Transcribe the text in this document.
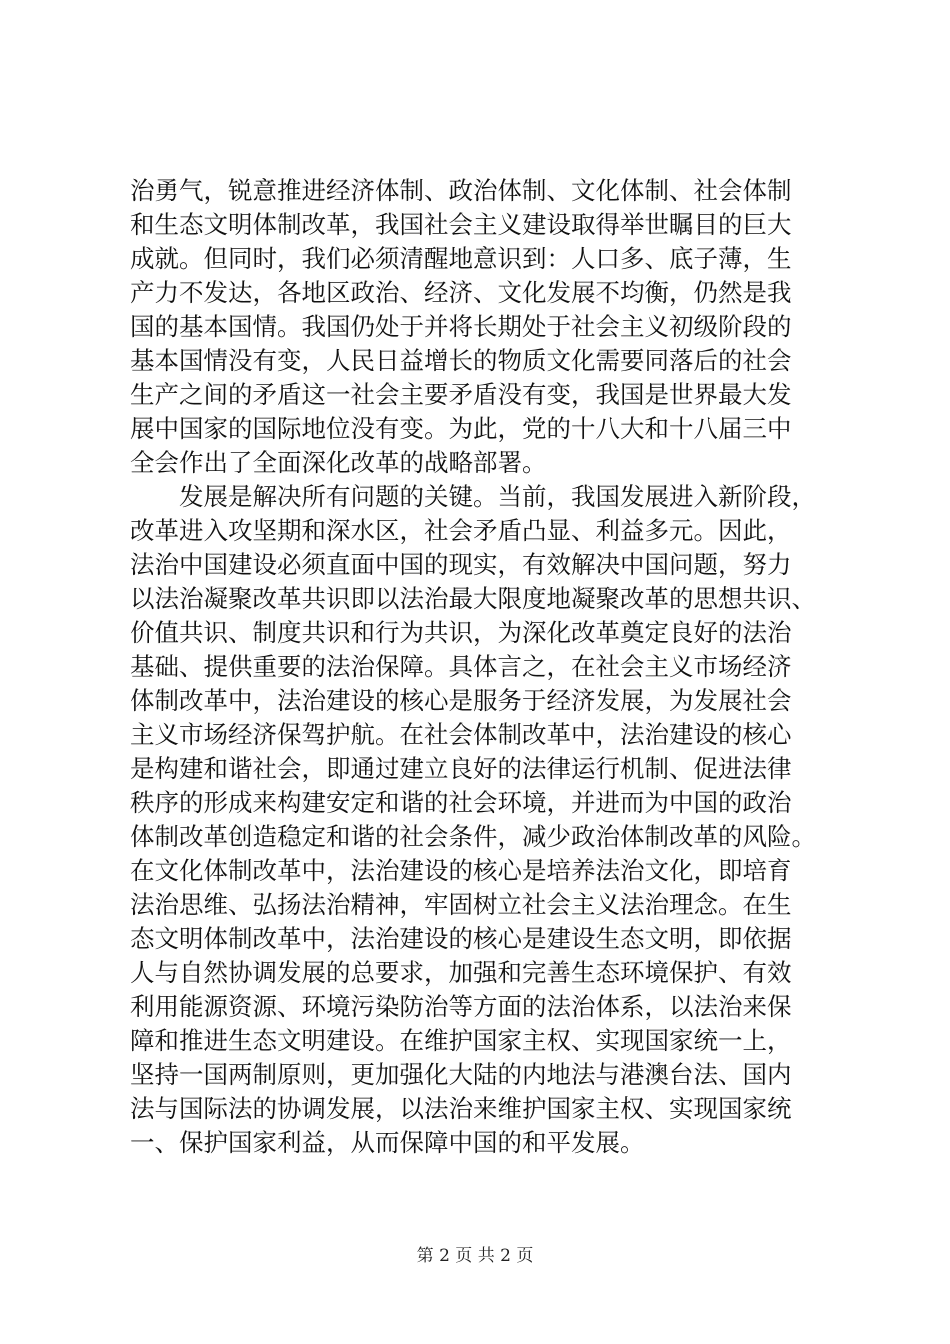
治勇气，锐意推进经济体制、政治体制、文化体制、社会体制
和生态文明体制改革，我国社会主义建设取得举世瞩目的巨大
成就。但同时，我们必须清醒地意识到：人口多、底子薄，生
产力不发达，各地区政治、经济、文化发展不均衡，仍然是我
国的基本国情。我国仍处于并将长期处于社会主义初级阶段的
基本国情没有变，人民日益增长的物质文化需要同落后的社会
生产之间的矛盾这一社会主要矛盾没有变，我国是世界最大发
展中国家的国际地位没有变。为此，党的十八大和十八届三中
全会作出了全面深化改革的战略部署。
　　发展是解决所有问题的关键。当前，我国发展进入新阶段，
改革进入攻坚期和深水区，社会矛盾凸显、利益多元。因此，
法治中国建设必须直面中国的现实，有效解决中国问题，努力
以法治凝聚改革共识即以法治最大限度地凝聚改革的思想共识、
价值共识、制度共识和行为共识，为深化改革奠定良好的法治
基础、提供重要的法治保障。具体言之，在社会主义市场经济
体制改革中，法治建设的核心是服务于经济发展，为发展社会
主义市场经济保驾护航。在社会体制改革中，法治建设的核心
是构建和谐社会，即通过建立良好的法律运行机制、促进法律
秩序的形成来构建安定和谐的社会环境，并进而为中国的政治
体制改革创造稳定和谐的社会条件，减少政治体制改革的风险。
在文化体制改革中，法治建设的核心是培养法治文化，即培育
法治思维、弘扬法治精神，牢固树立社会主义法治理念。在生
态文明体制改革中，法治建设的核心是建设生态文明，即依据
人与自然协调发展的总要求，加强和完善生态环境保护、有效
利用能源资源、环境污染防治等方面的法治体系，以法治来保
障和推进生态文明建设。在维护国家主权、实现国家统一上，
坚持一国两制原则，更加强化大陆的内地法与港澳台法、国内
法与国际法的协调发展，以法治来维护国家主权、实现国家统
一、保护国家利益，从而保障中国的和平发展。
第 2 页 共 2 页
